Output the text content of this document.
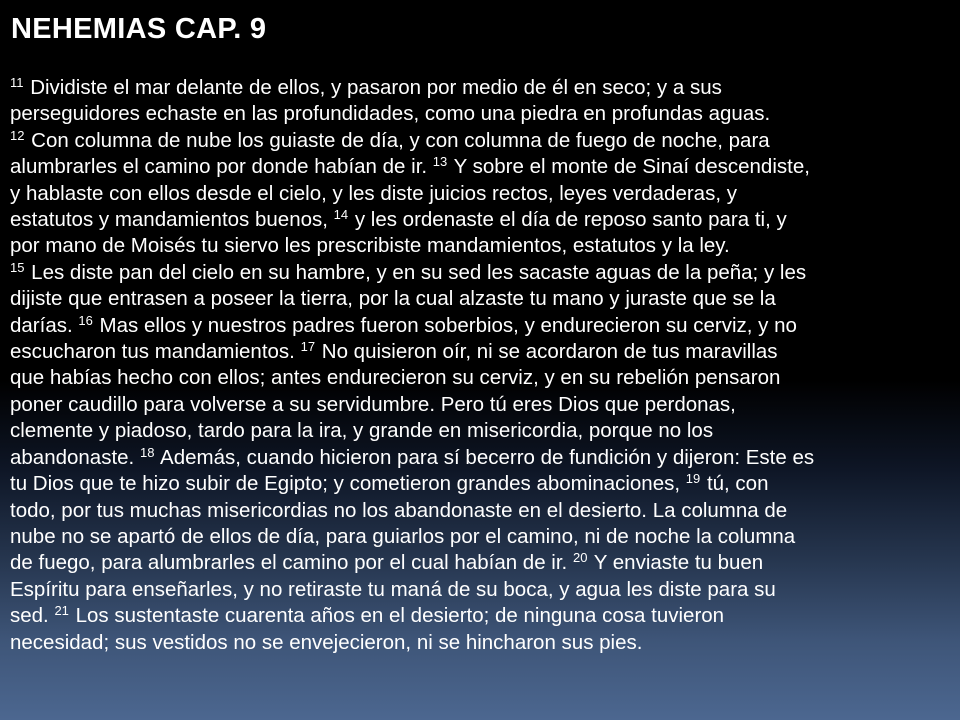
NEHEMIAS CAP. 9
$^{11}$ Dividiste el mar delante de ellos, y pasaron por medio de él en seco; y a sus
perseguidores echaste en las profundidades, como una piedra en profundas aguas.
$^{12}$ Con columna de nube los guiaste de día, y con columna de fuego de noche, para
alumbrarles el camino por donde habían de ir. $^{13}$ Y sobre el monte de Sinaí descendiste,
y hablaste con ellos desde el cielo, y les diste juicios rectos, leyes verdaderas, y
estatutos y mandamientos buenos, $^{14}$ y les ordenaste el día de reposo santo para ti, y
por mano de Moisés tu siervo les prescribiste mandamientos, estatutos y la ley.
$^{15}$ Les diste pan del cielo en su hambre, y en su sed les sacaste aguas de la peña; y les
dijiste que entrasen a poseer la tierra, por la cual alzaste tu mano y juraste que se la
darías. $^{16}$ Mas ellos y nuestros padres fueron soberbios, y endurecieron su cerviz, y no
escucharon tus mandamientos. $^{17}$ No quisieron oír, ni se acordaron de tus maravillas
que habías hecho con ellos; antes endurecieron su cerviz, y en su rebelión pensaron
poner caudillo para volverse a su servidumbre. Pero tú eres Dios que perdonas,
clemente y piadoso, tardo para la ira, y grande en misericordia, porque no los
abandonaste. $^{18}$ Además, cuando hicieron para sí becerro de fundición y dijeron: Este es
tu Dios que te hizo subir de Egipto; y cometieron grandes abominaciones, $^{19}$ tú, con
todo, por tus muchas misericordias no los abandonaste en el desierto. La columna de
nube no se apartó de ellos de día, para guiarlos por el camino, ni de noche la columna
de fuego, para alumbrarles el camino por el cual habían de ir. $^{20}$ Y enviaste tu buen
Espíritu para enseñarles, y no retiraste tu maná de su boca, y agua les diste para su
sed. $^{21}$ Los sustentaste cuarenta años en el desierto; de ninguna cosa tuvieron
necesidad; sus vestidos no se envejecieron, ni se hincharon sus pies.
